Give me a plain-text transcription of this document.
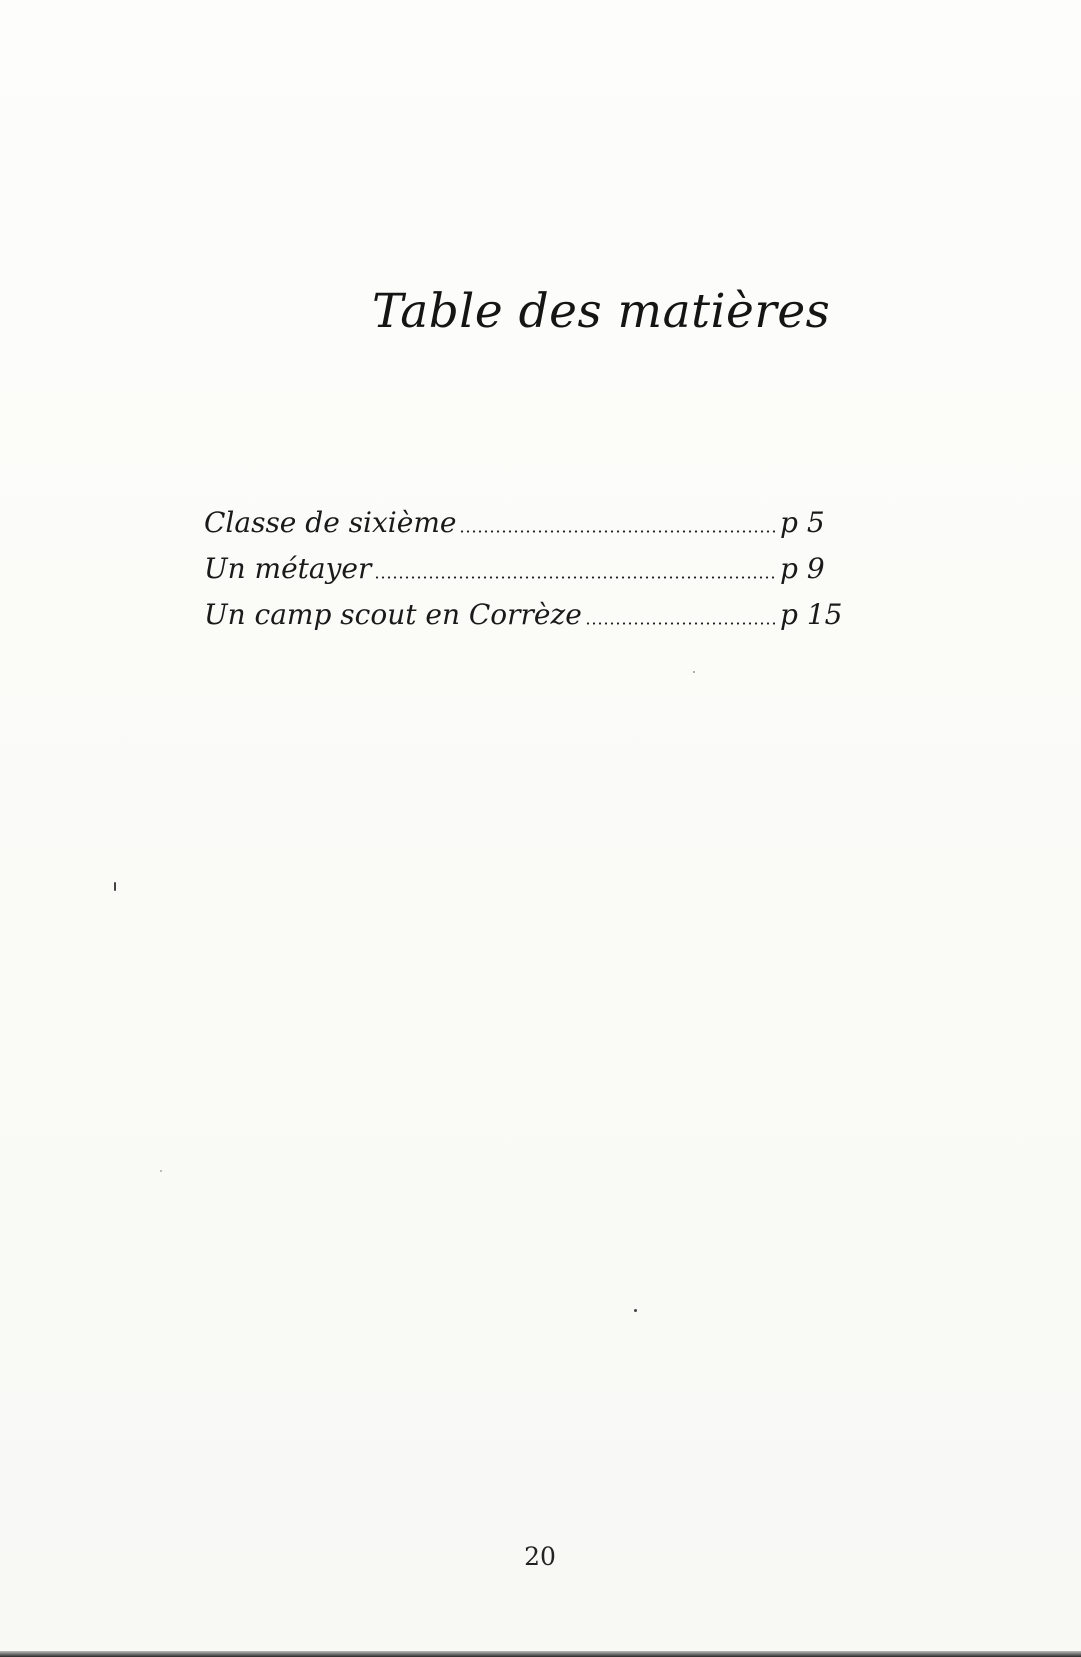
Table des matières
Classe de sixième	p 5
Un métayer	p 9
Un camp scout en Corrèze	p 15
20
